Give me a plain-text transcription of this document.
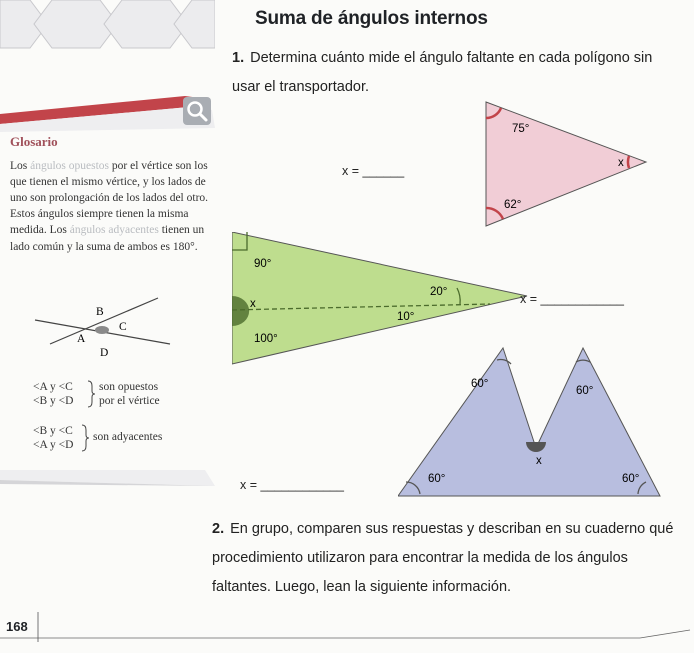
Suma de ángulos internos
1. Determina cuánto mide el ángulo faltante en cada polígono sin usar el transportador.
Glosario
Los ángulos opuestos por el vértice son los que tienen el mismo vértice, y los lados de uno son prolongación de los lados del otro. Estos ángulos siempre tienen la misma medida. Los ángulos adyacentes tienen un lado común y la suma de ambos es 180°.
B
C
A
D
<A y <C
<B y <D
son opuestos
por el vértice
<B y <C
<A y <D
son adyacentes
75°
x
62°
x = ______
90°
x
20°
10°
100°
x = ____________
60°
60°
x
60°	60°
x = ____________
2. En grupo, comparen sus respuestas y describan en su cuaderno qué procedimiento utilizaron para encontrar la medida de los ángulos faltantes. Luego, lean la siguiente información.
168
